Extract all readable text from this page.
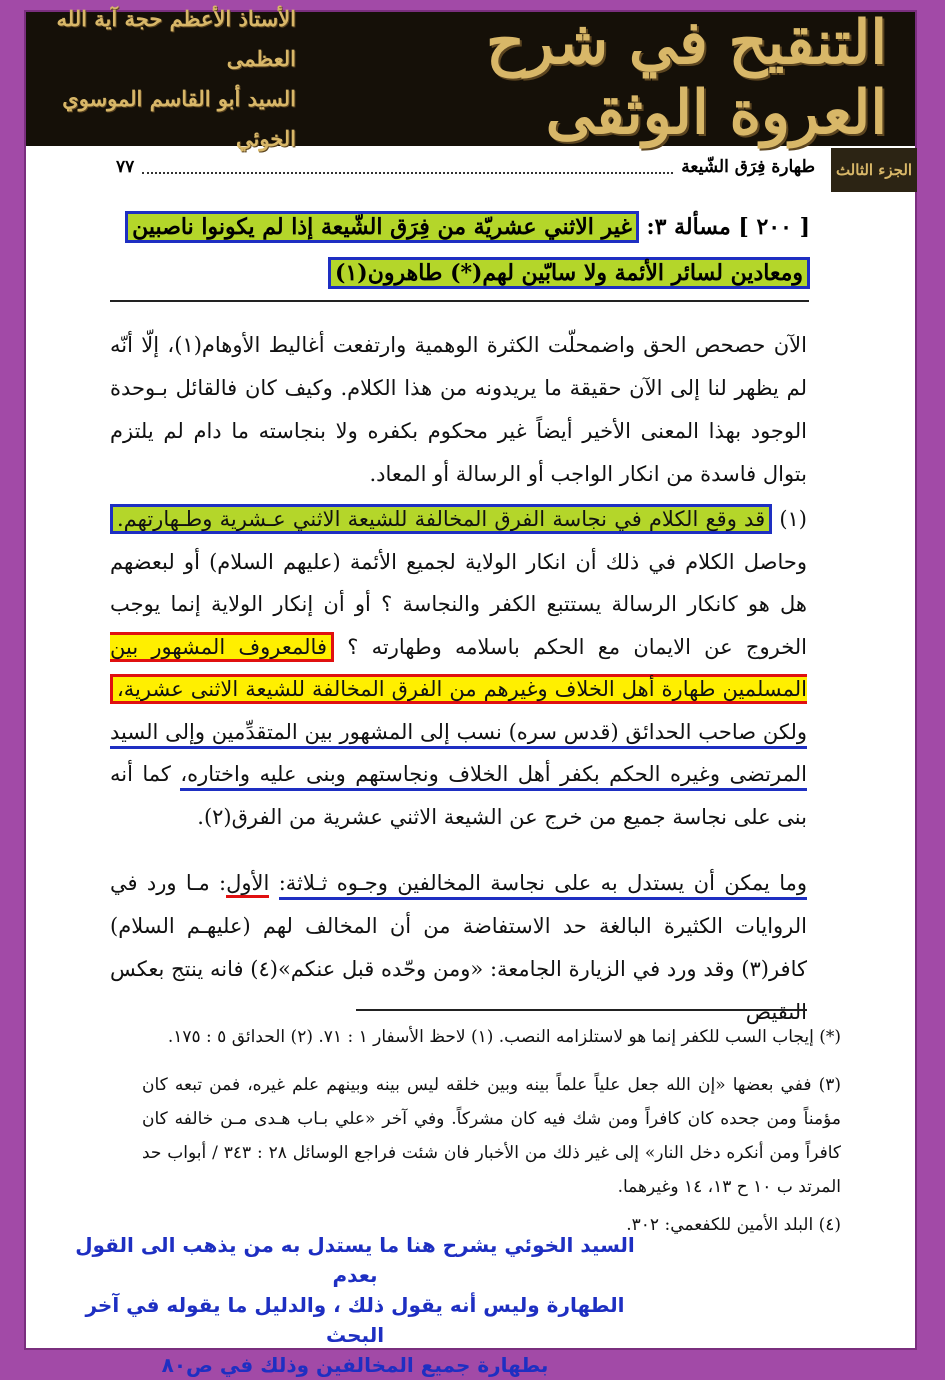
التنقيح في شرح العروة الوثقى
الأستاذ الأعظم حجة آية الله العظمى
السيد أبو القاسم الموسوي الخوئي
الجزء الثالث
طهارة فِرَق الشّيعة
٧٧
[ ٢٠٠ ] مسألة ٣: غير الاثني عشريّة من فِرَق الشّيعة إذا لم يكونوا ناصبين
ومعادين لسائر الأئمة ولا سابّين لهم(*) طاهرون(١)
الآن حصحص الحق واضمحلّت الكثرة الوهمية وارتفعت أغاليط الأوهام(١)، إلّا أنّه لم يظهر لنا إلى الآن حقيقة ما يريدونه من هذا الكلام. وكيف كان فالقائل بـوحدة الوجود بهذا المعنى الأخير أيضاً غير محكوم بكفره ولا بنجاسته ما دام لم يلتزم بتوال فاسدة من انكار الواجب أو الرسالة أو المعاد.
(١) قد وقع الكلام في نجاسة الفرق المخالفة للشيعة الاثني عـشرية وطـهارتهم. وحاصل الكلام في ذلك أن انكار الولاية لجميع الأئمة (عليهم السلام) أو لبعضهم هل هو كانكار الرسالة يستتبع الكفر والنجاسة ؟ أو أن إنكار الولاية إنما يوجب الخروج عن الايمان مع الحكم باسلامه وطهارته ؟ فالمعروف المشهور بين المسلمين طهارة أهل الخلاف وغيرهم من الفرق المخالفة للشيعة الاثنى عشرية، ولكن صاحب الحدائق (قدس سره) نسب إلى المشهور بين المتقدِّمين وإلى السيد المرتضى وغيره الحكم بكفر أهل الخلاف ونجاستهم وبنى عليه واختاره، كما أنه بنى على نجاسة جميع من خرج عن الشيعة الاثني عشرية من الفرق(٢).
وما يمكن أن يستدل به على نجاسة المخالفين وجـوه ثـلاثة: الأول: مـا ورد في الروايات الكثيرة البالغة حد الاستفاضة من أن المخالف لهم (عليهـم السلام) كافر(٣) وقد ورد في الزيارة الجامعة: «ومن وحّده قبل عنكم»(٤) فانه ينتج بعكس النقيض
(*) إيجاب السب للكفر إنما هو لاستلزامه النصب. (١) لاحظ الأسفار ١ : ٧١. (٢) الحدائق ٥ : ١٧٥.
(٣) ففي بعضها «إن الله جعل علياً علماً بينه وبين خلقه ليس بينه وبينهم علم غيره، فمن تبعه كان مؤمناً ومن جحده كان كافراً ومن شك فيه كان مشركاً. وفي آخر «علي بـاب هـدى مـن خالفه كان كافراً ومن أنكره دخل النار» إلى غير ذلك من الأخبار فان شئت فراجع الوسائل ٢٨ : ٣٤٣ / أبواب حد المرتد ب ١٠ ح ١٣، ١٤ وغيرهما.
(٤) البلد الأمين للكفعمي: ٣٠٢.
السيد الخوئي يشرح هنا ما يستدل به من يذهب الى القول بعدم
الطهارة وليس أنه يقول ذلك ، والدليل ما يقوله في آخر البحث
بطهارة جميع المخالفين وذلك في ص٨٠
